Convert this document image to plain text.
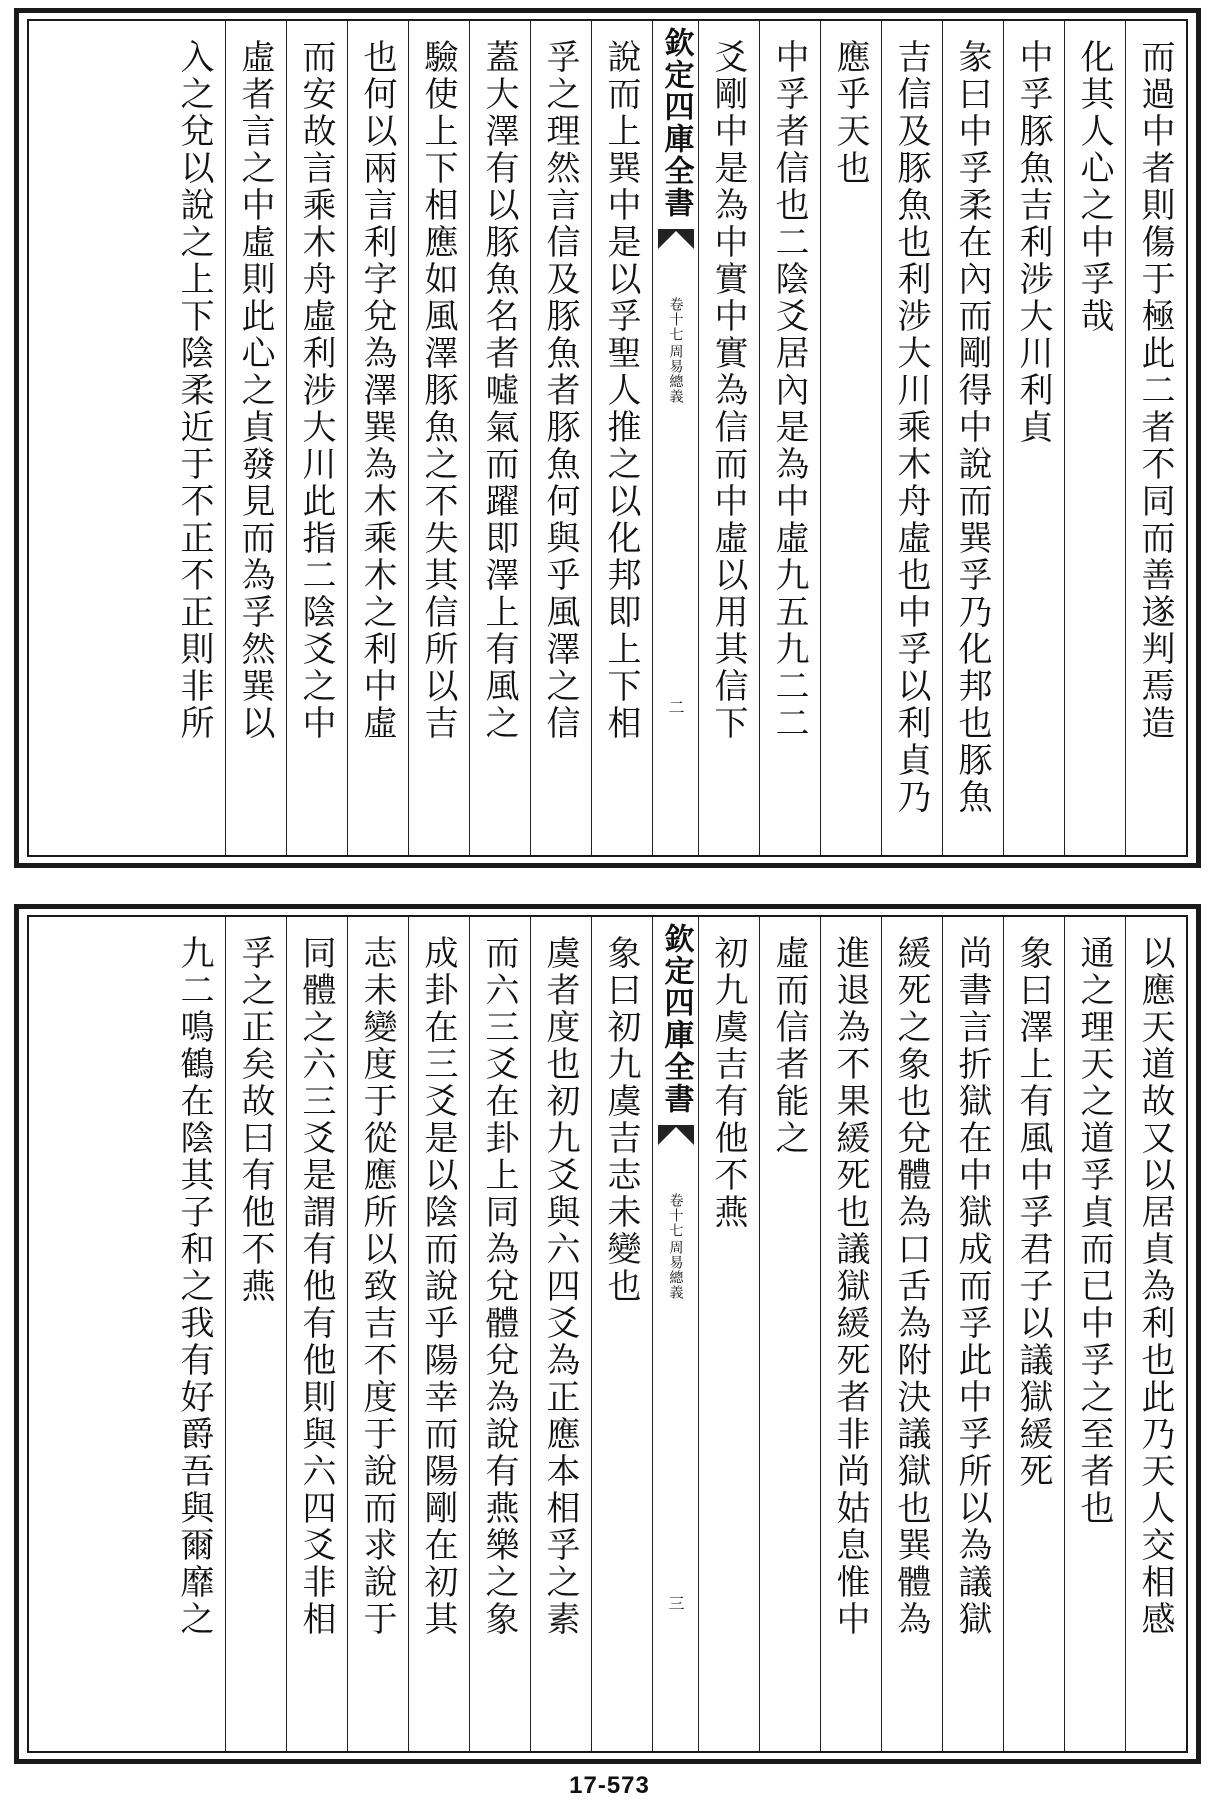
而過中者則傷于極此二者不同而善遂判焉造
化其人心之中孚哉
中孚豚魚吉利涉大川利貞
彖曰中孚柔在內而剛得中說而巽孚乃化邦也豚魚
吉信及豚魚也利涉大川乘木舟虛也中孚以利貞乃
應乎天也
中孚者信也二陰爻居內是為中虛九五九二二
爻剛中是為中實中實為信而中虛以用其信下
欽定四庫全書
周易總義
卷十七
二
說而上巽中是以孚聖人推之以化邦即上下相
孚之理然言信及豚魚者豚魚何與乎風澤之信
蓋大澤有以豚魚名者噓氣而躍即澤上有風之
驗使上下相應如風澤豚魚之不失其信所以吉
也何以兩言利字兌為澤巽為木乘木之利中虛
而安故言乘木舟虛利涉大川此指二陰爻之中
虛者言之中虛則此心之貞發見而為孚然巽以
入之兌以說之上下陰柔近于不正不正則非所
以應天道故又以居貞為利也此乃天人交相感
通之理天之道孚貞而已中孚之至者也
象曰澤上有風中孚君子以議獄緩死
尚書言折獄在中獄成而孚此中孚所以為議獄
緩死之象也兌體為口舌為附決議獄也巽體為
進退為不果緩死也議獄緩死者非尚姑息惟中
虛而信者能之
初九虞吉有他不燕
欽定四庫全書
周易總義
卷十七
三
象曰初九虞吉志未變也
虞者度也初九爻與六四爻為正應本相孚之素
而六三爻在卦上同為兌體兌為說有燕樂之象
成卦在三爻是以陰而說乎陽幸而陽剛在初其
志未變度于從應所以致吉不度于說而求說于
同體之六三爻是謂有他有他則與六四爻非相
孚之正矣故曰有他不燕
九二鳴鶴在陰其子和之我有好爵吾與爾靡之
17-573
